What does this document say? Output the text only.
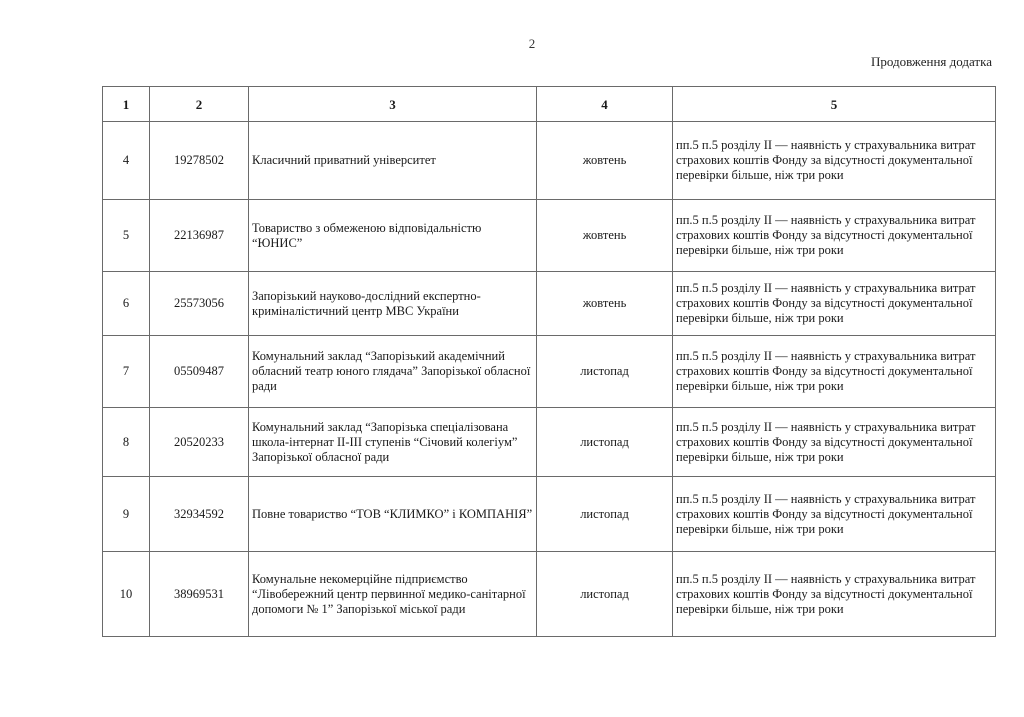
2
Продовження додатка
1	2	3	4	5
4	19278502	Класичний приватний університет	жовтень	пп.5 п.5 розділу ІІ — наявність у страхувальника витрат страхових коштів Фонду за відсутності документальної перевірки більше, ніж три роки
5	22136987	Товариство з обмеженою відповідальністю “ЮНИС”	жовтень	пп.5 п.5 розділу ІІ — наявність у страхувальника витрат страхових коштів Фонду за відсутності документальної перевірки більше, ніж три роки
6	25573056	Запорізький науково-дослідний експертно-криміналістичний центр МВС України	жовтень	пп.5 п.5 розділу ІІ — наявність у страхувальника витрат страхових коштів Фонду за відсутності документальної перевірки більше, ніж три роки
7	05509487	Комунальний заклад “Запорізький академічний обласний театр юного глядача” Запорізької обласної ради	листопад	пп.5 п.5 розділу ІІ — наявність у страхувальника витрат страхових коштів Фонду за відсутності документальної перевірки більше, ніж три роки
8	20520233	Комунальний заклад “Запорізька спеціалізована школа-інтернат ІІ-ІІІ ступенів “Січовий колегіум” Запорізької обласної ради	листопад	пп.5 п.5 розділу ІІ — наявність у страхувальника витрат страхових коштів Фонду за відсутності документальної перевірки більше, ніж три роки
9	32934592	Повне товариство “ТОВ “КЛИМКО” і КОМПАНІЯ”	листопад	пп.5 п.5 розділу ІІ — наявність у страхувальника витрат страхових коштів Фонду за відсутності документальної перевірки більше, ніж три роки
10	38969531	Комунальне некомерційне підприємство “Лівобережний центр первинної медико-санітарної допомоги № 1” Запорізької міської ради	листопад	пп.5 п.5 розділу ІІ — наявність у страхувальника витрат страхових коштів Фонду за відсутності документальної перевірки більше, ніж три роки
